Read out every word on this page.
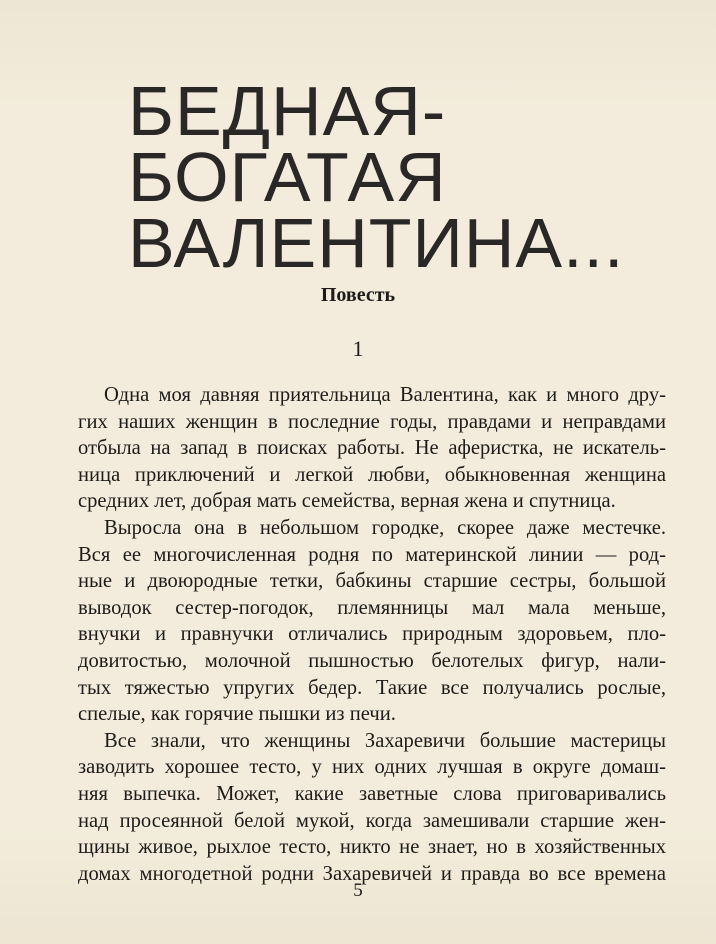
БЕДНАЯ-
БОГАТАЯ
ВАЛЕНТИНА...

Повесть

1

Одна моя давняя приятельница Валентина, как и много дру-
гих наших женщин в последние годы, правдами и неправдами
отбыла на запад в поисках работы. Не аферистка, не искатель-
ница приключений и легкой любви, обыкновенная женщина
средних лет, добрая мать семейства, верная жена и спутница.
Выросла она в небольшом городке, скорее даже местечке.
Вся ее многочисленная родня по материнской линии — род-
ные и двоюродные тетки, бабкины старшие сестры, большой
выводок сестер-погодок, племянницы мал мала меньше,
внучки и правнучки отличались природным здоровьем, пло-
довитостью, молочной пышностью белотелых фигур, нали-
тых тяжестью упругих бедер. Такие все получались рослые,
спелые, как горячие пышки из печи.
Все знали, что женщины Захаревичи большие мастерицы
заводить хорошее тесто, у них одних лучшая в округе домаш-
няя выпечка. Может, какие заветные слова приговаривались
над просеянной белой мукой, когда замешивали старшие жен-
щины живое, рыхлое тесто, никто не знает, но в хозяйственных
домах многодетной родни Захаревичей и правда во все времена
5
